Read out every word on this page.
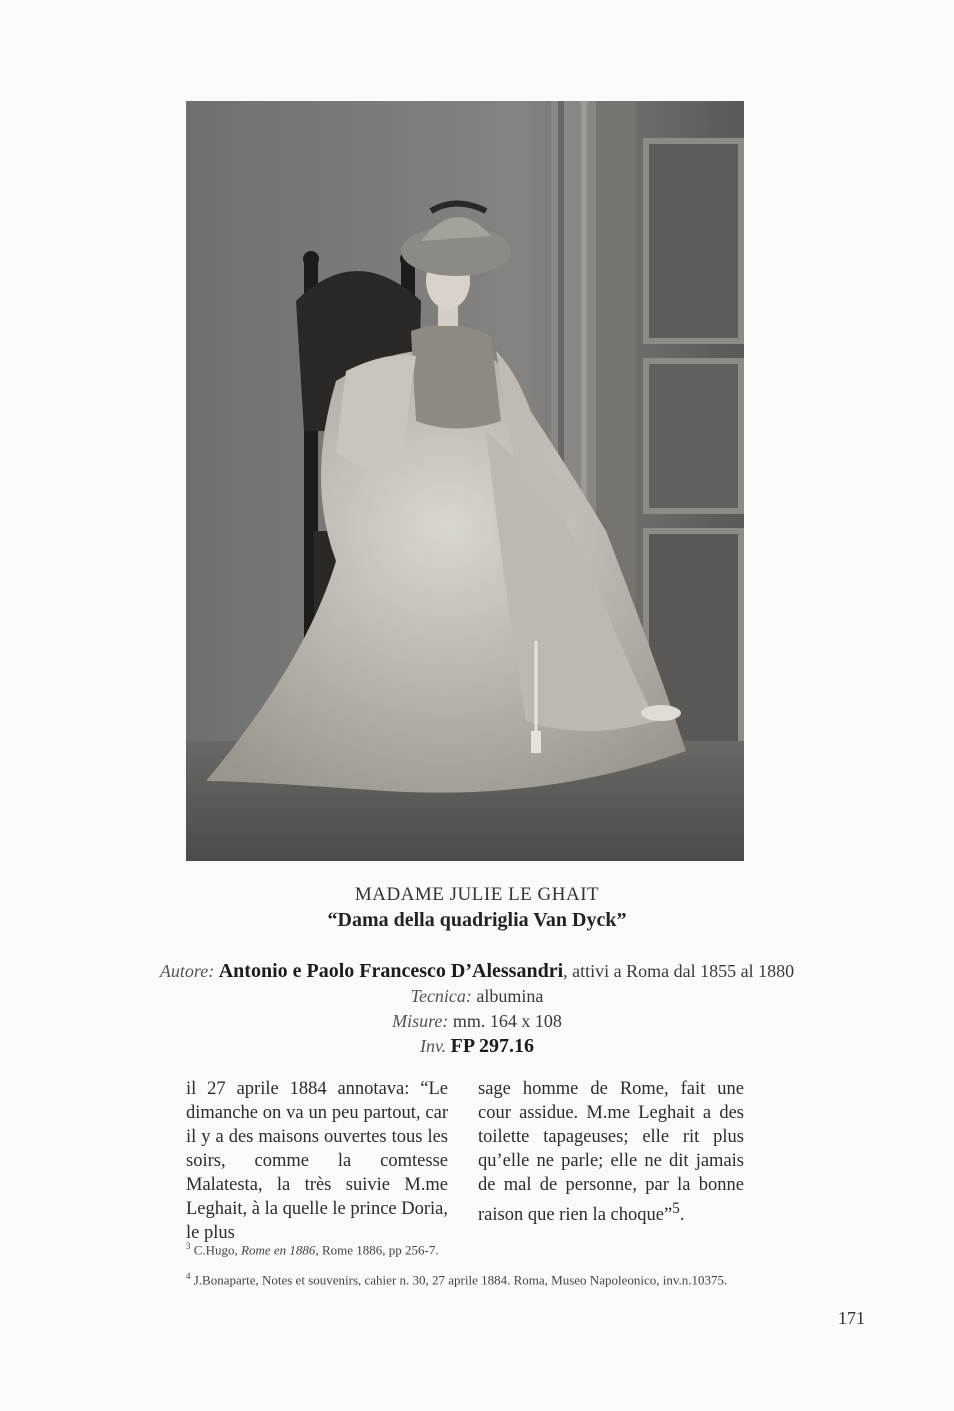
MADAME JULIE LE GHAIT
“Dama della quadriglia Van Dyck”
Autore: Antonio e Paolo Francesco D’Alessandri, attivi a Roma dal 1855 al 1880
Tecnica: albumina
Misure: mm. 164 x 108
Inv. FP 297.16
il 27 aprile 1884 annotava: “Le dimanche on va un peu partout, car il y a des maisons ouvertes tous les soirs, comme la comtesse Malatesta, la très suivie M.me Leghait, à la quelle le prince Doria, le plus
sage homme de Rome, fait une cour assidue. M.me Leghait a des toilette tapageuses; elle rit plus qu’elle ne parle; elle ne dit jamais de mal de personne, par la bonne raison que rien la choque”$^5$.
$^3$ C.Hugo, Rome en 1886, Rome 1886, pp 256-7.
$^4$ J.Bonaparte, Notes et souvenirs, cahier n. 30, 27 aprile 1884. Roma, Museo Napoleonico, inv.n.10375.
171
